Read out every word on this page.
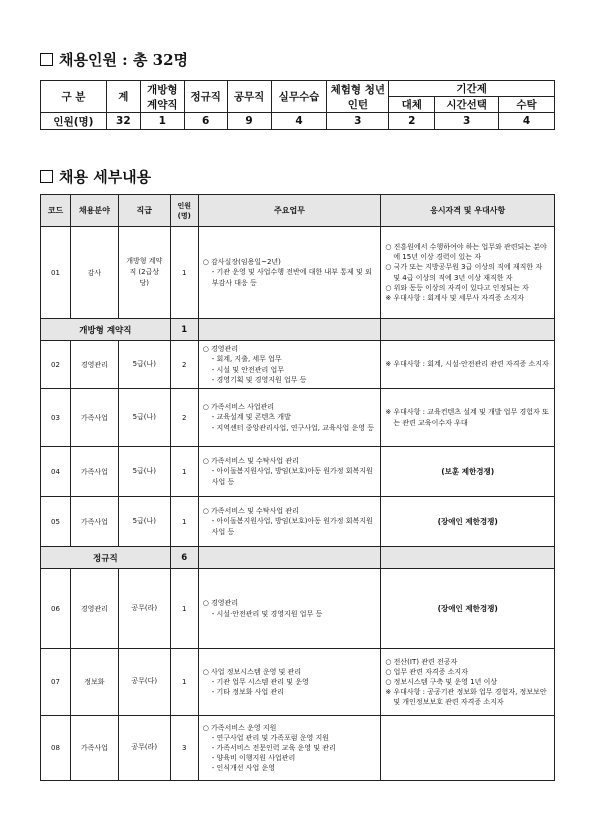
채용인원 : 총 32명
구 분	계	개방형 계약직	정규직	공무직	실무수습	체험형 청년인턴	기간제		
							대체	시간선택	수탁
인원(명)	32	1	6	9	4	3	2	3	4
채용 세부내용
코드	채용분야	직급	인원 (명)	주요업무	응시자격 및 우대사항
01	감사	개방형 계약직 (2급상당)	1	○ 감사실장(임용일~2년)
- 기관 운영 및 사업수행 전반에 대한 내부 통제 및 외부감사 대응 등	○ 진흥원에서 수행하여야 하는 업무와 관련되는 분야에 15년 이상 경력이 있는 자
○ 국가 또는 지방공무원 3급 이상의 직에 재직한 자 및 4급 이상의 직에 3년 이상 재직한 자
○ 위와 동등 이상의 자격이 있다고 인정되는 자
※ 우대사항 : 회계사 및 세무사 자격증 소지자

개방형 계약직			1		
02	경영관리	5급(나)	2	○ 경영관리
- 회계, 지출, 세무 업무
- 시설 및 안전관리 업무
- 경영기획 및 경영지원 업무 등	※ 우대사항 : 회계, 시설·안전관리 관련 자격증 소지자

03	가족사업	5급(나)	2	○ 가족서비스 사업관리
- 교육설계 및 콘텐츠 개발
- 지역센터 중앙관리사업, 연구사업, 교육사업 운영 등	※ 우대사항 : 교육컨텐츠 설계 및 개발 업무 경험자 또는 관련 교육이수자 우대

04	가족사업	5급(나)	1	○ 가족서비스 및 수탁사업 관리
- 아이돌봄지원사업, 방임(보호)아동 원가정 회복지원 사업 등	(보훈 제한경쟁)

05	가족사업	5급(나)	1	○ 가족서비스 및 수탁사업 관리
- 아이돌봄지원사업, 방임(보호)아동 원가정 회복지원 사업 등	(장애인 제한경쟁)

정규직			6		
06	경영관리	공무(라)	1	○ 경영관리
- 시설·안전관리 및 경영지원 업무 등	(장애인 제한경쟁)

07	정보화	공무(다)	1	○ 사업 정보시스템 운영 및 관리
- 기관 업무 시스템 관리 및 운영
- 기타 정보화 사업 관리	○ 전산(IT) 관련 전공자
○ 업무 관련 자격증 소지자
○ 정보시스템 구축 및 운영 1년 이상
※ 우대사항 : 공공기관 정보화 업무 경험자, 정보보안 및 개인정보보호 관련 자격증 소지자

08	가족사업	공무(라)	3	○ 가족서비스 운영 지원
- 연구사업 관리 및 가족포럼 운영 지원
- 가족서비스 전문인력 교육 운영 및 관리
- 양육비 이행지원 사업관리
- 인식개선 사업 운영	
